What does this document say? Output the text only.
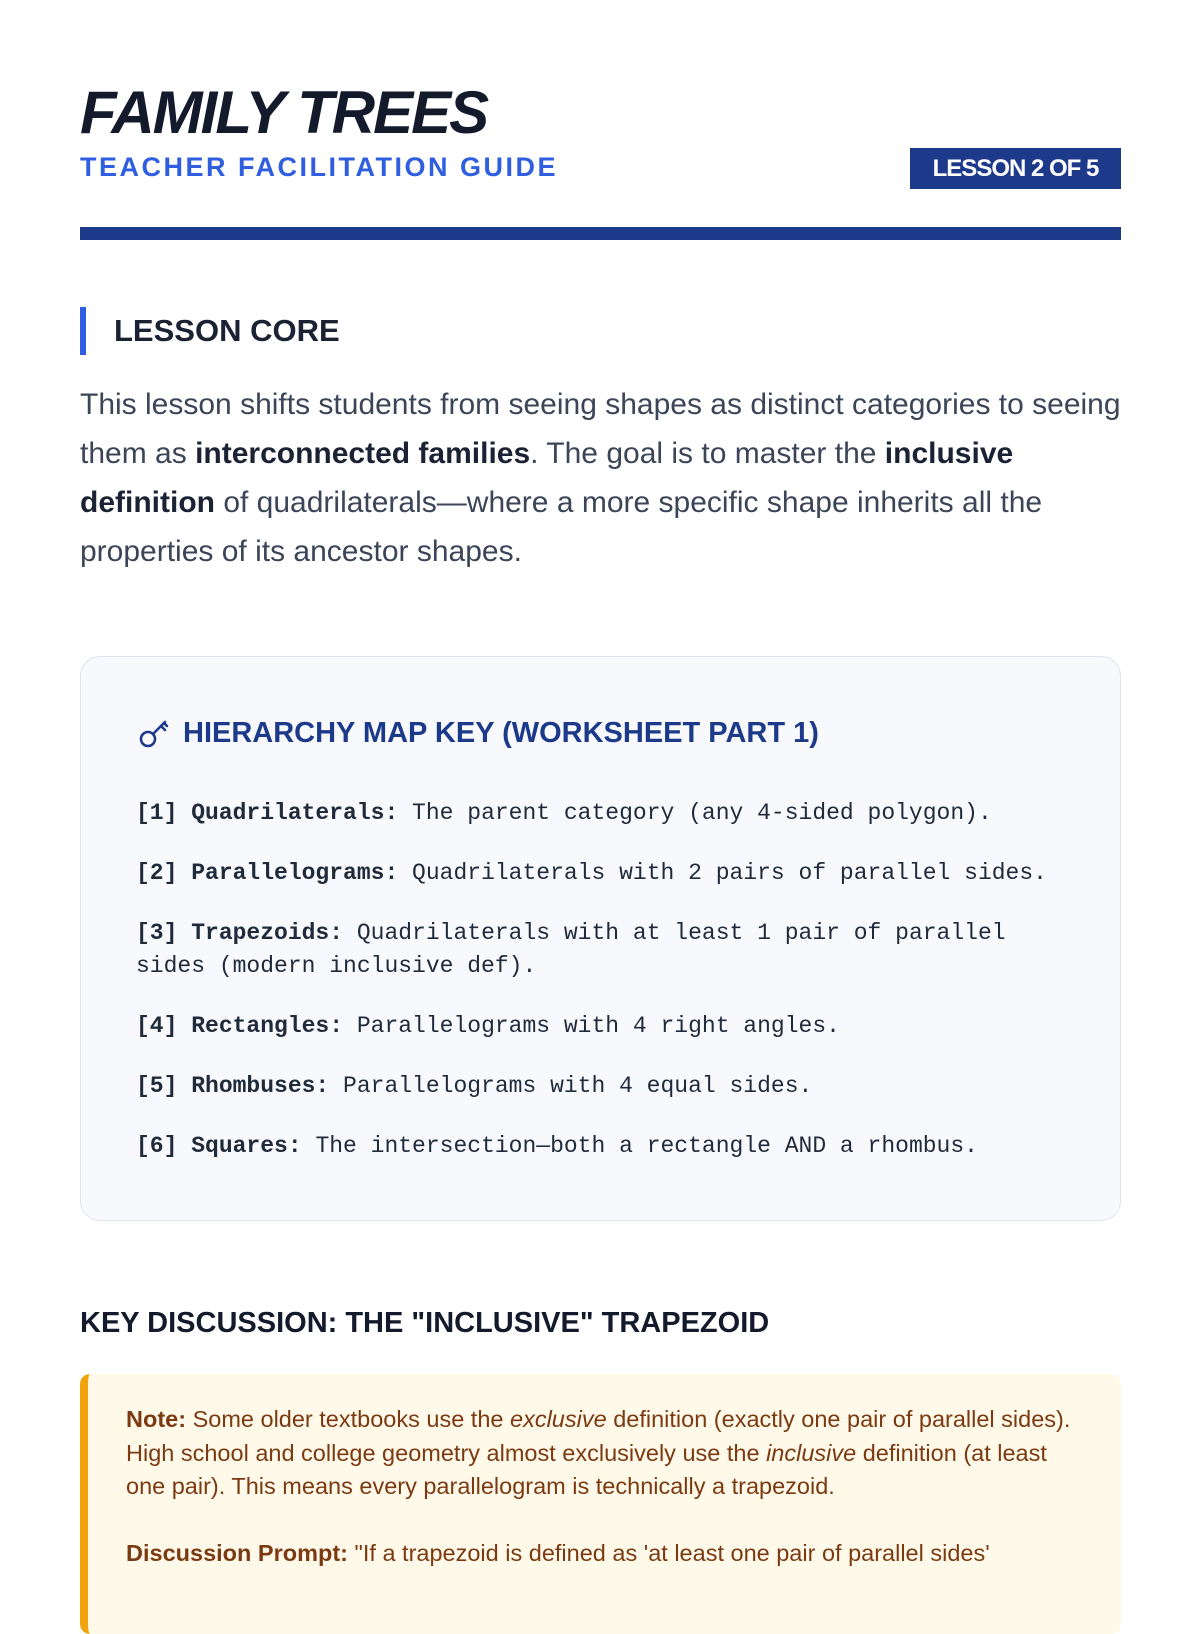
FAMILY TREES
TEACHER FACILITATION GUIDE	LESSON 2 OF 5
LESSON CORE

This lesson shifts students from seeing shapes as distinct categories to seeing them as interconnected families. The goal is to master the inclusive definition of quadrilaterals—where a more specific shape inherits all the properties of its ancestor shapes.

HIERARCHY MAP KEY (WORKSHEET PART 1)
[1] Quadrilaterals: The parent category (any 4-sided polygon).
[2] Parallelograms: Quadrilaterals with 2 pairs of parallel sides.
[3] Trapezoids: Quadrilaterals with at least 1 pair of parallel sides (modern inclusive def).
[4] Rectangles: Parallelograms with 4 right angles.
[5] Rhombuses: Parallelograms with 4 equal sides.
[6] Squares: The intersection—both a rectangle AND a rhombus.
KEY DISCUSSION: THE "INCLUSIVE" TRAPEZOID

Note: Some older textbooks use the exclusive definition (exactly one pair of parallel sides). High school and college geometry almost exclusively use the inclusive definition (at least one pair). This means every parallelogram is technically a trapezoid.

Discussion Prompt: "If a trapezoid is defined as 'at least one pair of parallel sides'
